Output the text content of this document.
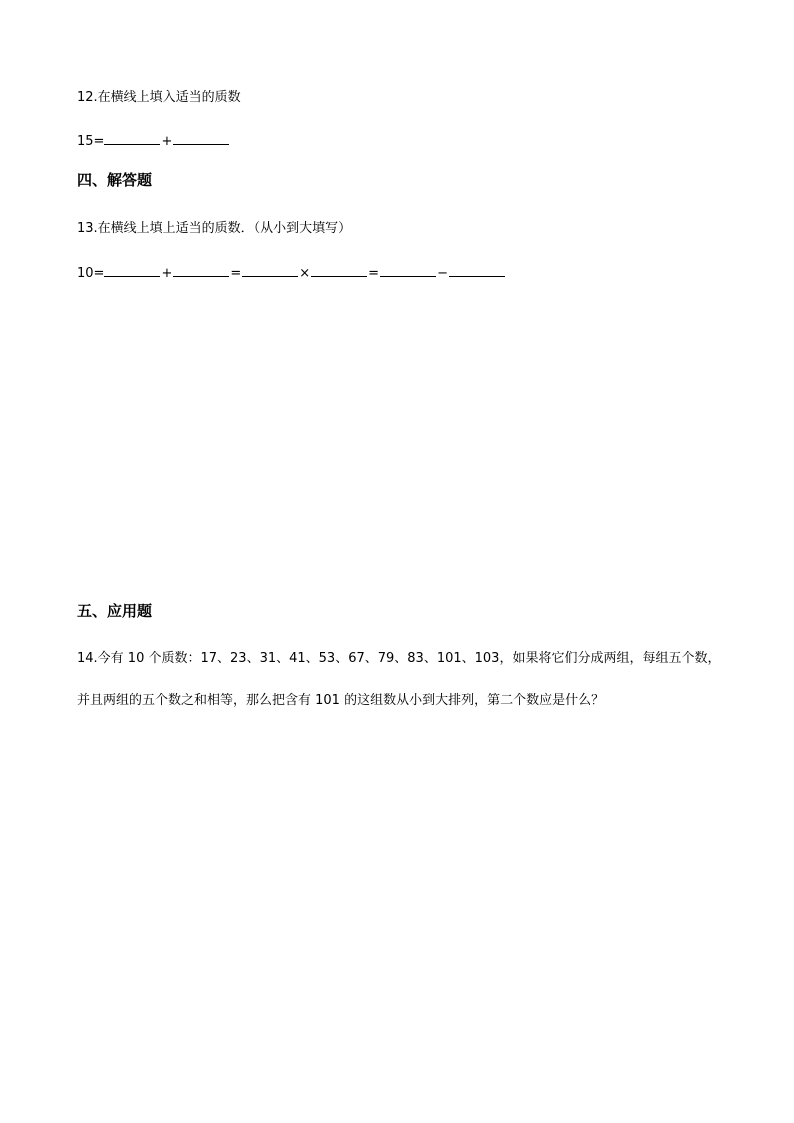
12.在横线上填入适当的质数
15=	+
四、解答题
13.在横线上填上适当的质数．（从小到大填写）
10=	+	=	×	=	−
五、应用题
14.今有 10 个质数：17、23、31、41、53、67、79、83、101、103，如果将它们分成两组，每组五个数，
并且两组的五个数之和相等，那么把含有 101 的这组数从小到大排列，第二个数应是什么？
